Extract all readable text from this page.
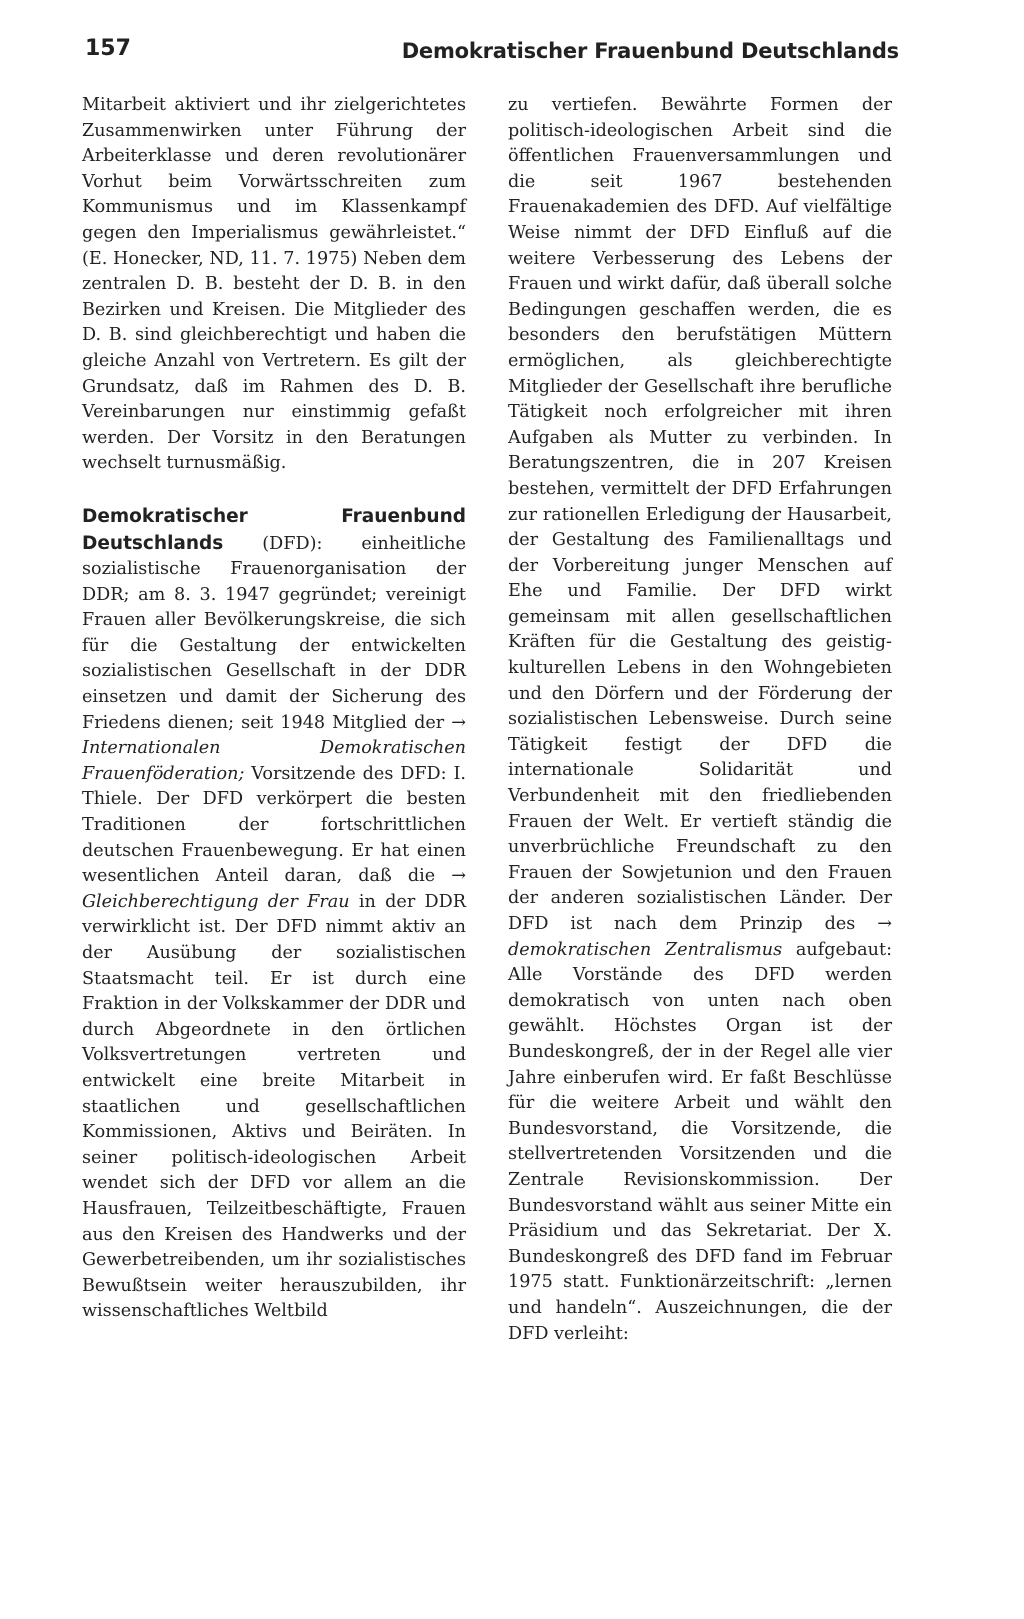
157	Demokratischer Frauenbund Deutschlands

Mitarbeit aktiviert und ihr zielgerichtetes Zusammenwirken unter Führung der Arbeiterklasse und deren revolutionärer Vorhut beim Vorwärtsschreiten zum Kommunismus und im Klassenkampf gegen den Imperialismus gewährleistet.“ (E. Honecker, ND, 11. 7. 1975) Neben dem zentralen D. B. besteht der D. B. in den Bezirken und Kreisen. Die Mitglieder des D. B. sind gleichberechtigt und haben die gleiche Anzahl von Vertretern. Es gilt der Grundsatz, daß im Rahmen des D. B. Vereinbarungen nur einstimmig gefaßt werden. Der Vorsitz in den Beratungen wechselt turnusmäßig.

Demokratischer Frauenbund Deutschlands (DFD): einheitliche sozialistische Frauenorganisation der DDR; am 8. 3. 1947 gegründet; vereinigt Frauen aller Bevölkerungskreise, die sich für die Gestaltung der entwickelten sozialistischen Gesellschaft in der DDR einsetzen und damit der Sicherung des Friedens dienen; seit 1948 Mitglied der → Internationalen Demokratischen Frauenföderation; Vorsitzende des DFD: I. Thiele. Der DFD verkörpert die besten Traditionen der fortschrittlichen deutschen Frauenbewegung. Er hat einen wesentlichen Anteil daran, daß die → Gleichberechtigung der Frau in der DDR verwirklicht ist. Der DFD nimmt aktiv an der Ausübung der sozialistischen Staatsmacht teil. Er ist durch eine Fraktion in der Volkskammer der DDR und durch Abgeordnete in den örtlichen Volksvertretungen vertreten und entwickelt eine breite Mitarbeit in staatlichen und gesellschaftlichen Kommissionen, Aktivs und Beiräten. In seiner politisch-ideologischen Arbeit wendet sich der DFD vor allem an die Hausfrauen, Teilzeitbeschäftigte, Frauen aus den Kreisen des Handwerks und der Gewerbetreibenden, um ihr sozialistisches Bewußtsein weiter herauszubilden, ihr wissenschaftliches Weltbild

zu vertiefen. Bewährte Formen der politisch-ideologischen Arbeit sind die öffentlichen Frauenversammlungen und die seit 1967 bestehenden Frauenakademien des DFD. Auf vielfältige Weise nimmt der DFD Einfluß auf die weitere Verbesserung des Lebens der Frauen und wirkt dafür, daß überall solche Bedingungen geschaffen werden, die es besonders den berufstätigen Müttern ermöglichen, als gleichberechtigte Mitglieder der Gesellschaft ihre berufliche Tätigkeit noch erfolgreicher mit ihren Aufgaben als Mutter zu verbinden. In Beratungszentren, die in 207 Kreisen bestehen, vermittelt der DFD Erfahrungen zur rationellen Erledigung der Hausarbeit, der Gestaltung des Familienalltags und der Vorbereitung junger Menschen auf Ehe und Familie. Der DFD wirkt gemeinsam mit allen gesellschaftlichen Kräften für die Gestaltung des geistig-kulturellen Lebens in den Wohngebieten und den Dörfern und der Förderung der sozialistischen Lebensweise. Durch seine Tätigkeit festigt der DFD die internationale Solidarität und Verbundenheit mit den friedliebenden Frauen der Welt. Er vertieft ständig die unverbrüchliche Freundschaft zu den Frauen der Sowjetunion und den Frauen der anderen sozialistischen Länder. Der DFD ist nach dem Prinzip des → demokratischen Zentralismus aufgebaut: Alle Vorstände des DFD werden demokratisch von unten nach oben gewählt. Höchstes Organ ist der Bundeskongreß, der in der Regel alle vier Jahre einberufen wird. Er faßt Beschlüsse für die weitere Arbeit und wählt den Bundesvorstand, die Vorsitzende, die stellvertretenden Vorsitzenden und die Zentrale Revisionskommission. Der Bundesvorstand wählt aus seiner Mitte ein Präsidium und das Sekretariat. Der X. Bundeskongreß des DFD fand im Februar 1975 statt. Funktionärzeitschrift: „lernen und handeln“. Auszeichnungen, die der DFD verleiht:
